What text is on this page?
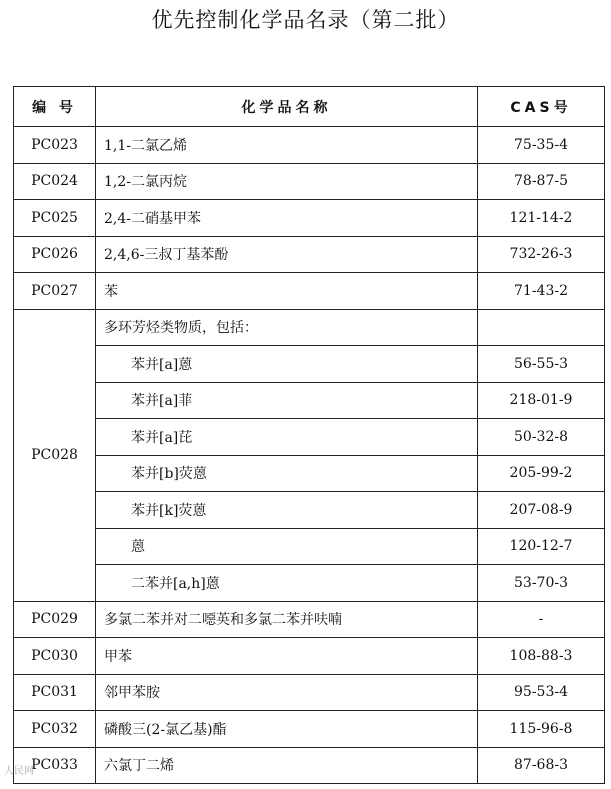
优先控制化学品名录（第二批）
编 号	化学品名称	CAS号
PC023	1,1-二氯乙烯	75-35-4
PC024	1,2-二氯丙烷	78-87-5
PC025	2,4-二硝基甲苯	121-14-2
PC026	2,4,6-三叔丁基苯酚	732-26-3
PC027	苯	71-43-2
PC028	多环芳烃类物质，包括：	
	苯并[a]蒽	56-55-3
	苯并[a]菲	218-01-9
	苯并[a]芘	50-32-8
	苯并[b]荧蒽	205-99-2
	苯并[k]荧蒽	207-08-9
	蒽	120-12-7
	二苯并[a,h]蒽	53-70-3
PC029	多氯二苯并对二噁英和多氯二苯并呋喃	-
PC030	甲苯	108-88-3
PC031	邻甲苯胺	95-53-4
PC032	磷酸三(2-氯乙基)酯	115-96-8
PC033	六氯丁二烯	87-68-3
人民网
